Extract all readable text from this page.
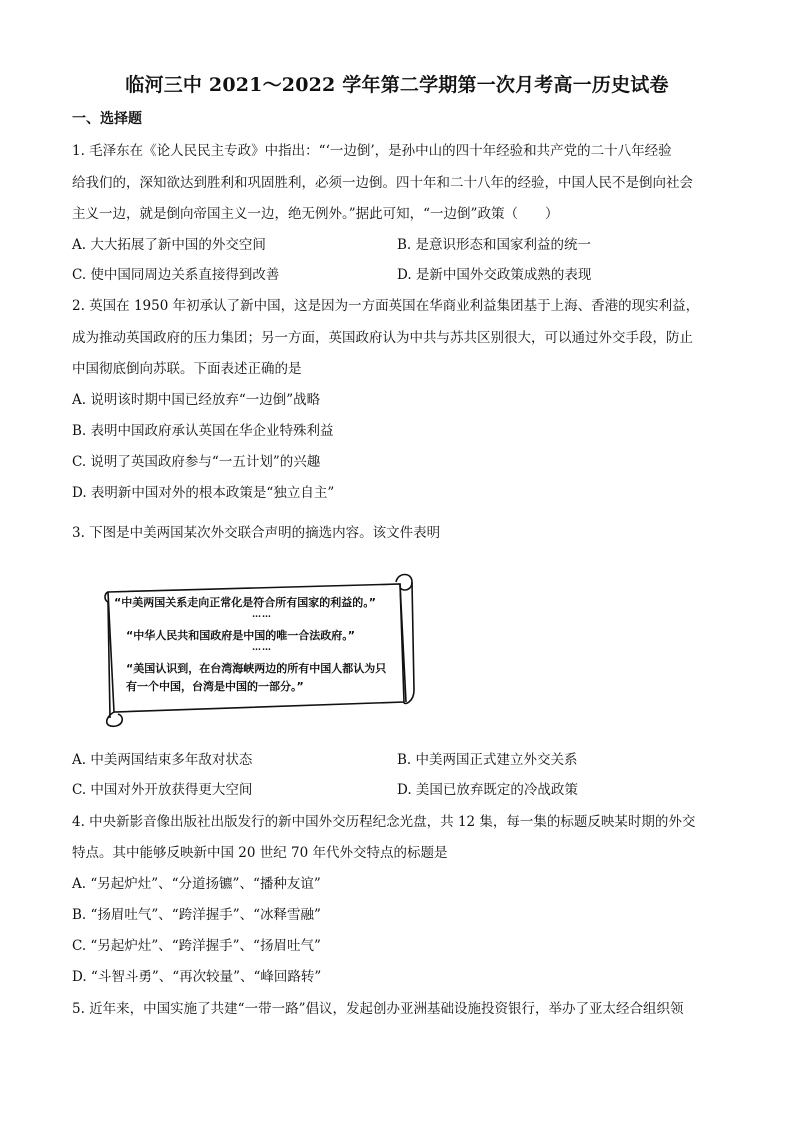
临河三中 2021～2022 学年第二学期第一次月考高一历史试卷
一、选择题
1. 毛泽东在《论人民民主专政》中指出：“‘一边倒’，是孙中山的四十年经验和共产党的二十八年经验
给我们的，深知欲达到胜利和巩固胜利，必须一边倒。四十年和二十八年的经验，中国人民不是倒向社会
主义一边，就是倒向帝国主义一边，绝无例外。”据此可知，“一边倒”政策（　　）
A. 大大拓展了新中国的外交空间	B. 是意识形态和国家利益的统一
C. 使中国同周边关系直接得到改善	D. 是新中国外交政策成熟的表现
2. 英国在 1950 年初承认了新中国，这是因为一方面英国在华商业利益集团基于上海、香港的现实利益，
成为推动英国政府的压力集团；另一方面，英国政府认为中共与苏共区别很大，可以通过外交手段，防止
中国彻底倒向苏联。下面表述正确的是
A. 说明该时期中国已经放弃“一边倒”战略
B. 表明中国政府承认英国在华企业特殊利益
C. 说明了英国政府参与“一五计划”的兴趣
D. 表明新中国对外的根本政策是“独立自主”
3. 下图是中美两国某次外交联合声明的摘选内容。该文件表明
“中美两国关系走向正常化是符合所有国家的利益的。”
……
“中华人民共和国政府是中国的唯一合法政府。”
……
“美国认识到，在台湾海峡两边的所有中国人都认为只
有一个中国，台湾是中国的一部分。”
A. 中美两国结束多年敌对状态	B. 中美两国正式建立外交关系
C. 中国对外开放获得更大空间	D. 美国已放弃既定的冷战政策
4. 中央新影音像出版社出版发行的新中国外交历程纪念光盘，共 12 集，每一集的标题反映某时期的外交
特点。其中能够反映新中国 20 世纪 70 年代外交特点的标题是
A. “另起炉灶”、“分道扬镳”、“播种友谊”
B. “扬眉吐气”、“跨洋握手”、“冰释雪融”
C. “另起炉灶”、“跨洋握手”、“扬眉吐气”
D. “斗智斗勇”、“再次较量”、“峰回路转”
5. 近年来，中国实施了共建“一带一路”倡议，发起创办亚洲基础设施投资银行，举办了亚太经合组织领
